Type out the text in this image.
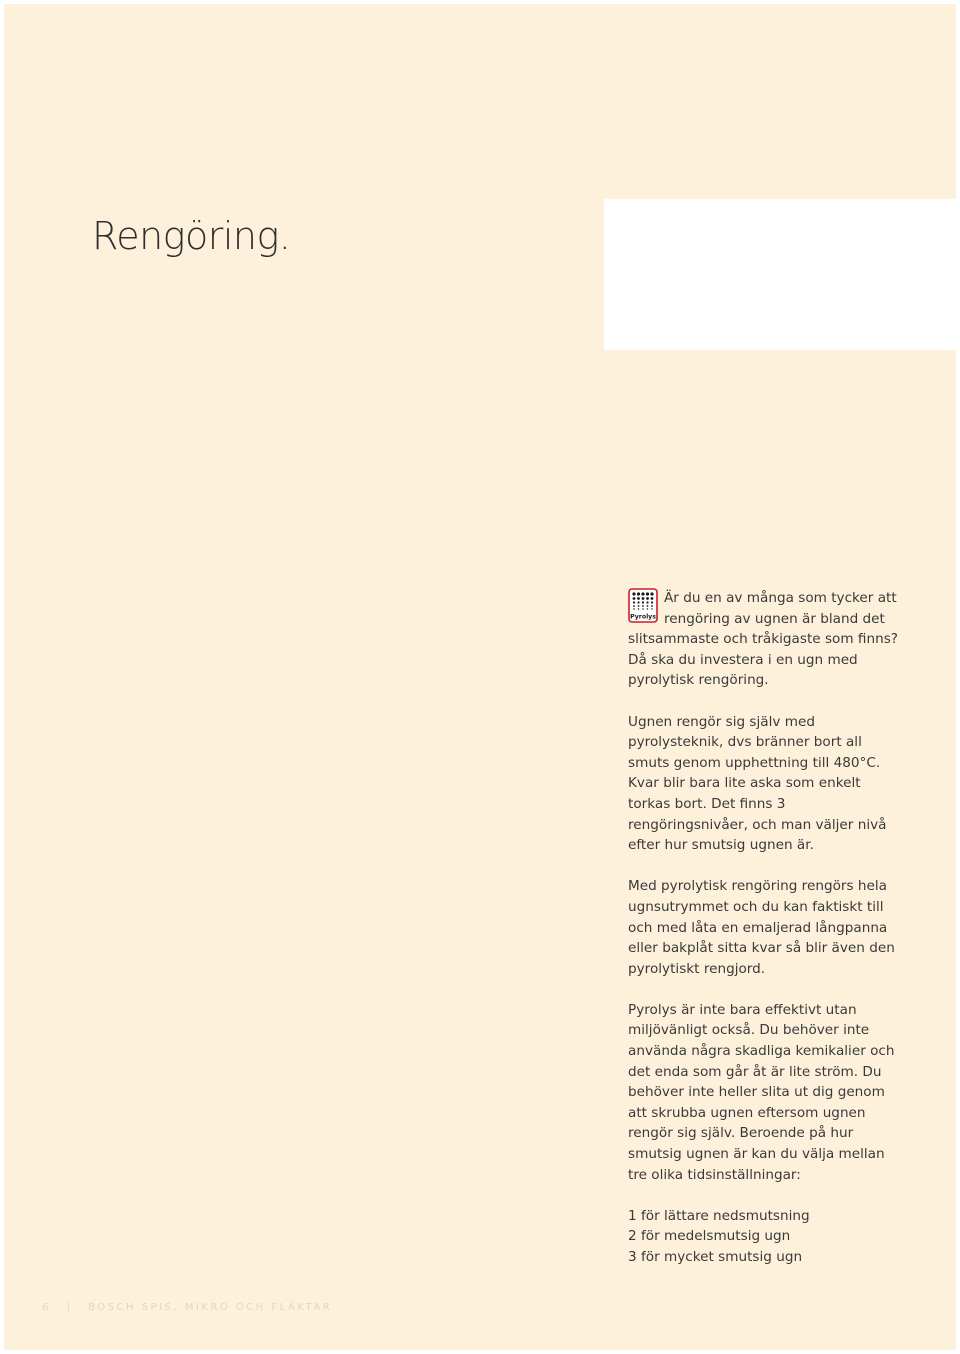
Rengöring.

Pyrolys
Är du en av många som tycker att rengöring av ugnen är bland det slitsammaste och tråkigaste som finns? Då ska du investera i en ugn med pyrolytisk rengöring.

Ugnen rengör sig själv med pyrolysteknik, dvs bränner bort all smuts genom upphettning till 480°C. Kvar blir bara lite aska som enkelt torkas bort. Det finns 3 rengöringsnivåer, och man väljer nivå efter hur smutsig ugnen är.

Med pyrolytisk rengöring rengörs hela ugnsutrymmet och du kan faktiskt till och med låta en emaljerad långpanna eller bakplåt sitta kvar så blir även den pyrolytiskt rengjord.

Pyrolys är inte bara effektivt utan miljövänligt också. Du behöver inte använda några skadliga kemikalier och det enda som går åt är lite ström. Du behöver inte heller slita ut dig genom att skrubba ugnen eftersom ugnen rengör sig själv. Beroende på hur smutsig ugnen är kan du välja mellan tre olika tidsinställningar:

1 för lättare nedsmutsning
2 för medelsmutsig ugn
3 för mycket smutsig ugn

6 | BOSCH SPIS, MIKRO OCH FLÄKTAR
